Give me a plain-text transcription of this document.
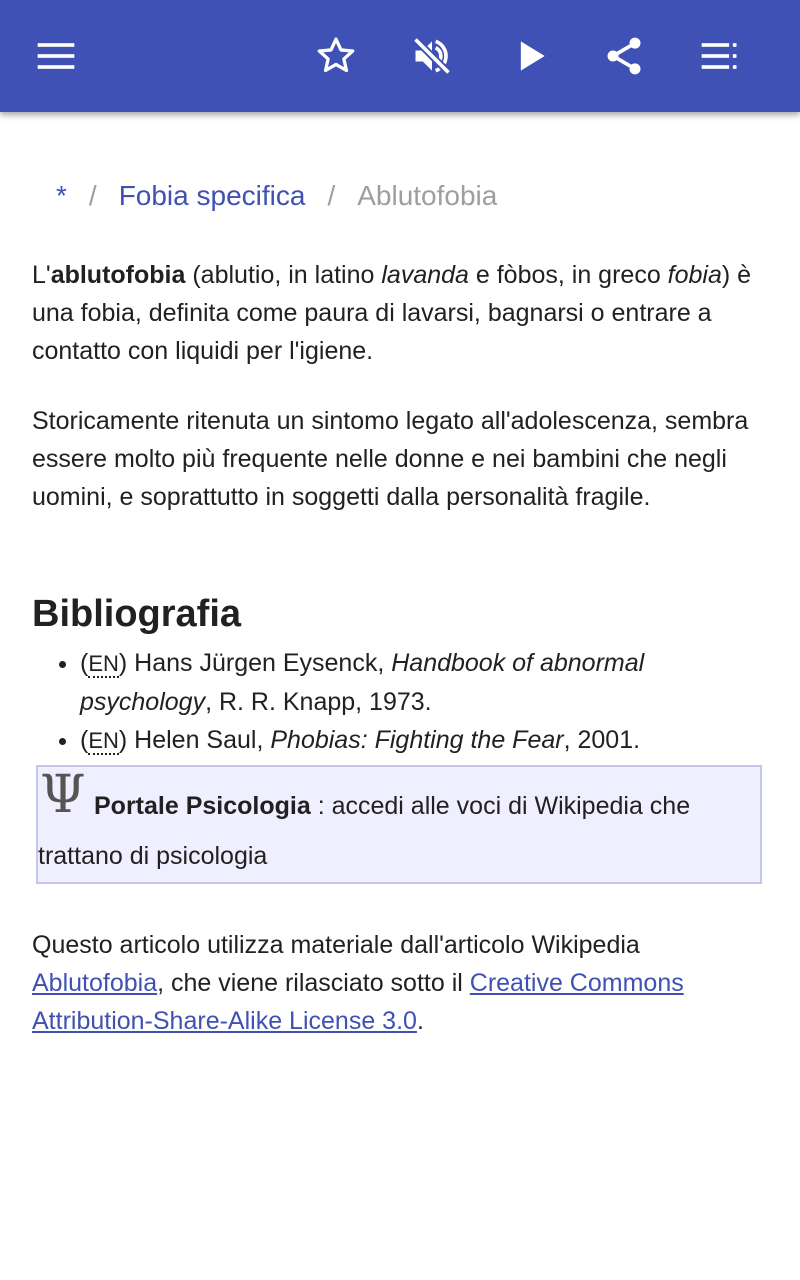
* / Fobia specifica / Ablutofobia

L'ablutofobia (ablutio, in latino lavanda e fòbos, in greco fobia) è una fobia, definita come paura di lavarsi, bagnarsi o entrare a contatto con liquidi per l'igiene.

Storicamente ritenuta un sintomo legato all'adolescenza, sembra essere molto più frequente nelle donne e nei bambini che negli uomini, e soprattutto in soggetti dalla personalità fragile.

Bibliografia
• (EN) Hans Jürgen Eysenck, Handbook of abnormal psychology, R. R. Knapp, 1973.
• (EN) Helen Saul, Phobias: Fighting the Fear, 2001.
Ψ Portale Psicologia : accedi alle voci di Wikipedia che
trattano di psicologia

Questo articolo utilizza materiale dall'articolo Wikipedia Ablutofobia, che viene rilasciato sotto il Creative Commons Attribution-Share-Alike License 3.0.
